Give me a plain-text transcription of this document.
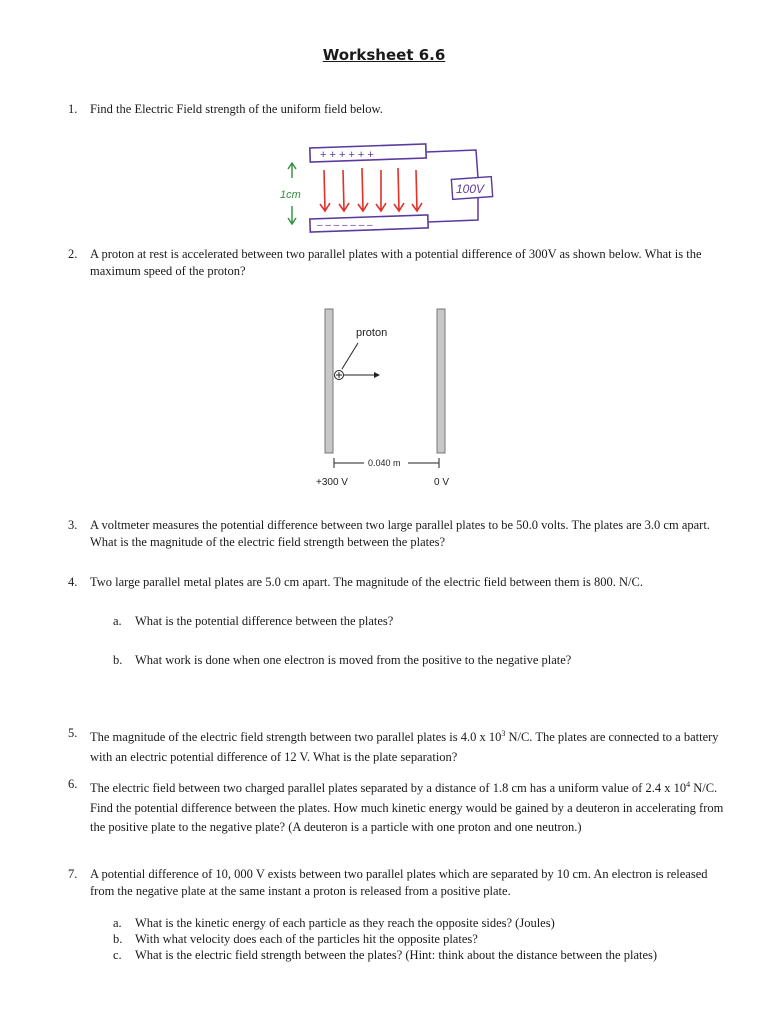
Worksheet 6.6
1. Find the Electric Field strength of the uniform field below.
+ + + + + +
– – – – – – –
100V
1cm
2. A proton at rest is accelerated between two parallel plates with a potential difference of 300V as shown below. What is the maximum speed of the proton?
proton
0.040 m
+300 V	0 V
3. A voltmeter measures the potential difference between two large parallel plates to be 50.0 volts. The plates are 3.0 cm apart. What is the magnitude of the electric field strength between the plates?
4. Two large parallel metal plates are 5.0 cm apart. The magnitude of the electric field between them is 800. N/C.
a. What is the potential difference between the plates?
b. What work is done when one electron is moved from the positive to the negative plate?
5. The magnitude of the electric field strength between two parallel plates is 4.0 x $10^3$ N/C. The plates are connected to a battery with an electric potential difference of 12 V. What is the plate separation?
6. The electric field between two charged parallel plates separated by a distance of 1.8 cm has a uniform value of 2.4 x $10^4$ N/C. Find the potential difference between the plates. How much kinetic energy would be gained by a deuteron in accelerating from the positive plate to the negative plate? (A deuteron is a particle with one proton and one neutron.)
7. A potential difference of 10, 000 V exists between two parallel plates which are separated by 10 cm. An electron is released from the negative plate at the same instant a proton is released from a positive plate.
a. What is the kinetic energy of each particle as they reach the opposite sides? (Joules)
b. With what velocity does each of the particles hit the opposite plates?
c. What is the electric field strength between the plates? (Hint: think about the distance between the plates)
